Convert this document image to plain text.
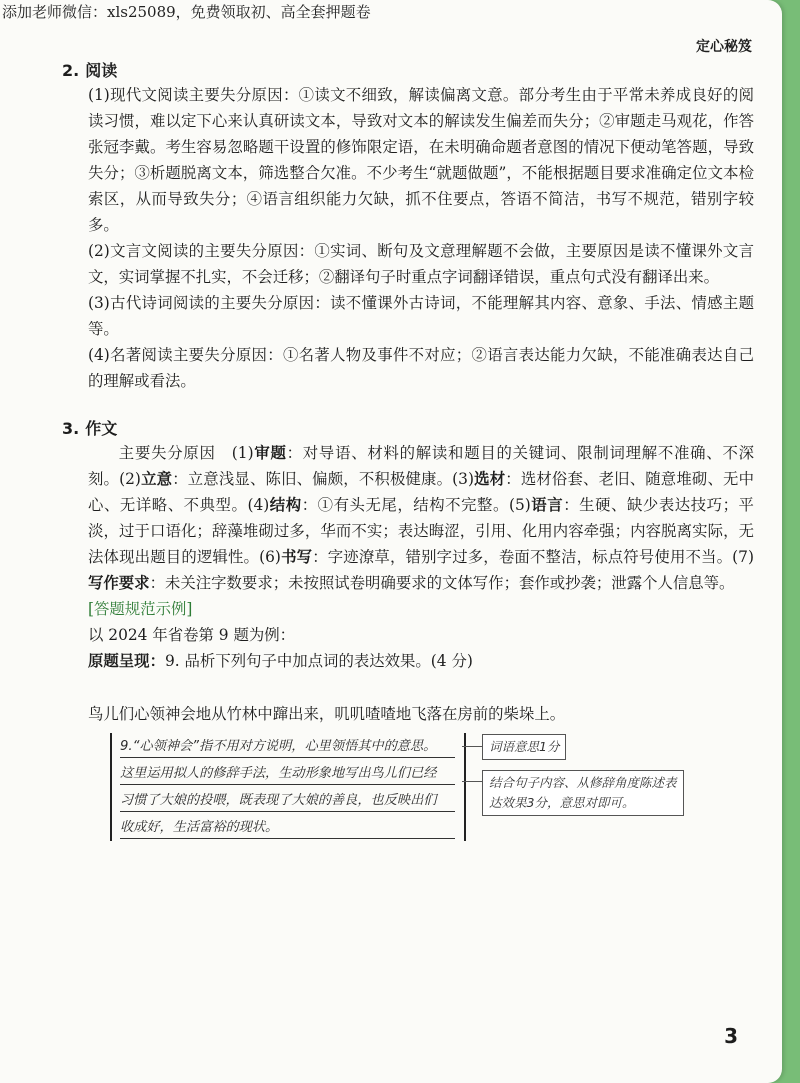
添加老师微信：xls25089，免费领取初、高全套押题卷
定心秘笈
2. 阅读
(1)现代文阅读主要失分原因：①读文不细致，解读偏离文意。部分考生由于平常未养成良好的阅读习惯，难以定下心来认真研读文本，导致对文本的解读发生偏差而失分；②审题走马观花，作答张冠李戴。考生容易忽略题干设置的修饰限定语，在未明确命题者意图的情况下便动笔答题，导致失分；③析题脱离文本，筛选整合欠准。不少考生“就题做题”，不能根据题目要求准确定位文本检索区，从而导致失分；④语言组织能力欠缺，抓不住要点，答语不简洁，书写不规范，错别字较多。
(2)文言文阅读的主要失分原因：①实词、断句及文意理解题不会做，主要原因是读不懂课外文言文，实词掌握不扎实，不会迁移；②翻译句子时重点字词翻译错误，重点句式没有翻译出来。
(3)古代诗词阅读的主要失分原因：读不懂课外古诗词，不能理解其内容、意象、手法、情感主题等。
(4)名著阅读主要失分原因：①名著人物及事件不对应；②语言表达能力欠缺，不能准确表达自己的理解或看法。
3. 作文
主要失分原因　(1)审题：对导语、材料的解读和题目的关键词、限制词理解不准确、不深刻。(2)立意：立意浅显、陈旧、偏颇，不积极健康。(3)选材：选材俗套、老旧、随意堆砌、无中心、无详略、不典型。(4)结构：①有头无尾，结构不完整。(5)语言：生硬、缺少表达技巧；平淡，过于口语化；辞藻堆砌过多，华而不实；表达晦涩，引用、化用内容牵强；内容脱离实际，无法体现出题目的逻辑性。(6)书写：字迹潦草，错别字过多，卷面不整洁，标点符号使用不当。(7)写作要求：未关注字数要求；未按照试卷明确要求的文体写作；套作或抄袭；泄露个人信息等。
[答题规范示例]
以 2024 年省卷第 9 题为例：
原题呈现：9. 品析下列句子中加点词的表达效果。(4 分)
鸟儿们心领神会地从竹林中蹿出来，叽叽喳喳地飞落在房前的柴垛上。
9.“心领神会”指不用对方说明，心里领悟其中的意思。
这里运用拟人的修辞手法，生动形象地写出鸟儿们已经
习惯了大娘的投喂，既表现了大娘的善良，也反映出们
收成好，生活富裕的现状。
词语意思1分
结合句子内容、从修辞角度陈述表达效果3分，意思对即可。
3
